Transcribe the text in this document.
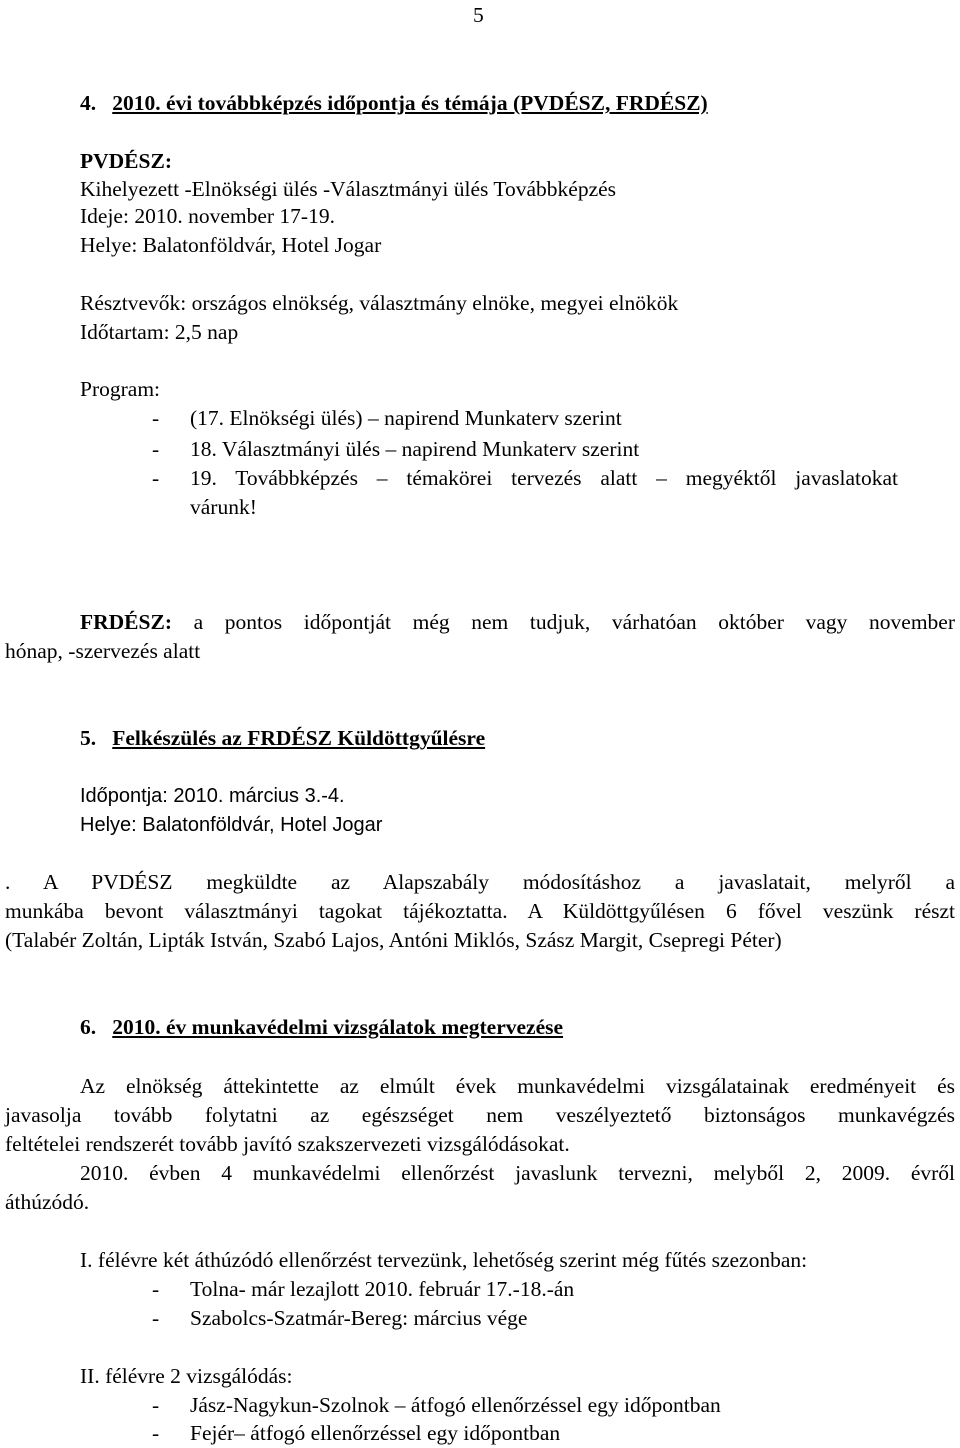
5
4. 2010. évi továbbképzés időpontja és témája (PVDÉSZ, FRDÉSZ)
PVDÉSZ:
Kihelyezett -Elnökségi ülés -Választmányi ülés Továbbképzés
Ideje: 2010. november 17-19.
Helye: Balatonföldvár, Hotel Jogar
Résztvevők: országos elnökség, választmány elnöke, megyei elnökök
Időtartam: 2,5 nap
Program:
- (17. Elnökségi ülés) – napirend Munkaterv szerint
- 18. Választmányi ülés – napirend Munkaterv szerint
- 19. Továbbképzés – témakörei tervezés alatt – megyéktől javaslatokat
várunk!
FRDÉSZ: a pontos időpontját még nem tudjuk, várhatóan október vagy november
hónap, -szervezés alatt
5. Felkészülés az FRDÉSZ Küldöttgyűlésre
Időpontja: 2010. március 3.-4.
Helye: Balatonföldvár, Hotel Jogar
. A PVDÉSZ megküldte az Alapszabály módosításhoz a javaslatait, melyről a
munkába bevont választmányi tagokat tájékoztatta. A Küldöttgyűlésen 6 fővel veszünk részt
(Talabér Zoltán, Lipták István, Szabó Lajos, Antóni Miklós, Szász Margit, Csepregi Péter)
6. 2010. év munkavédelmi vizsgálatok megtervezése
Az elnökség áttekintette az elmúlt évek munkavédelmi vizsgálatainak eredményeit és
javasolja tovább folytatni az egészséget nem veszélyeztető biztonságos munkavégzés
feltételei rendszerét tovább javító szakszervezeti vizsgálódásokat.
2010. évben 4 munkavédelmi ellenőrzést javaslunk tervezni, melyből 2, 2009. évről
áthúzódó.
I. félévre két áthúzódó ellenőrzést tervezünk, lehetőség szerint még fűtés szezonban:
- Tolna- már lezajlott 2010. február 17.-18.-án
- Szabolcs-Szatmár-Bereg: március vége
II. félévre 2 vizsgálódás:
- Jász-Nagykun-Szolnok – átfogó ellenőrzéssel egy időpontban
- Fejér– átfogó ellenőrzéssel egy időpontban
